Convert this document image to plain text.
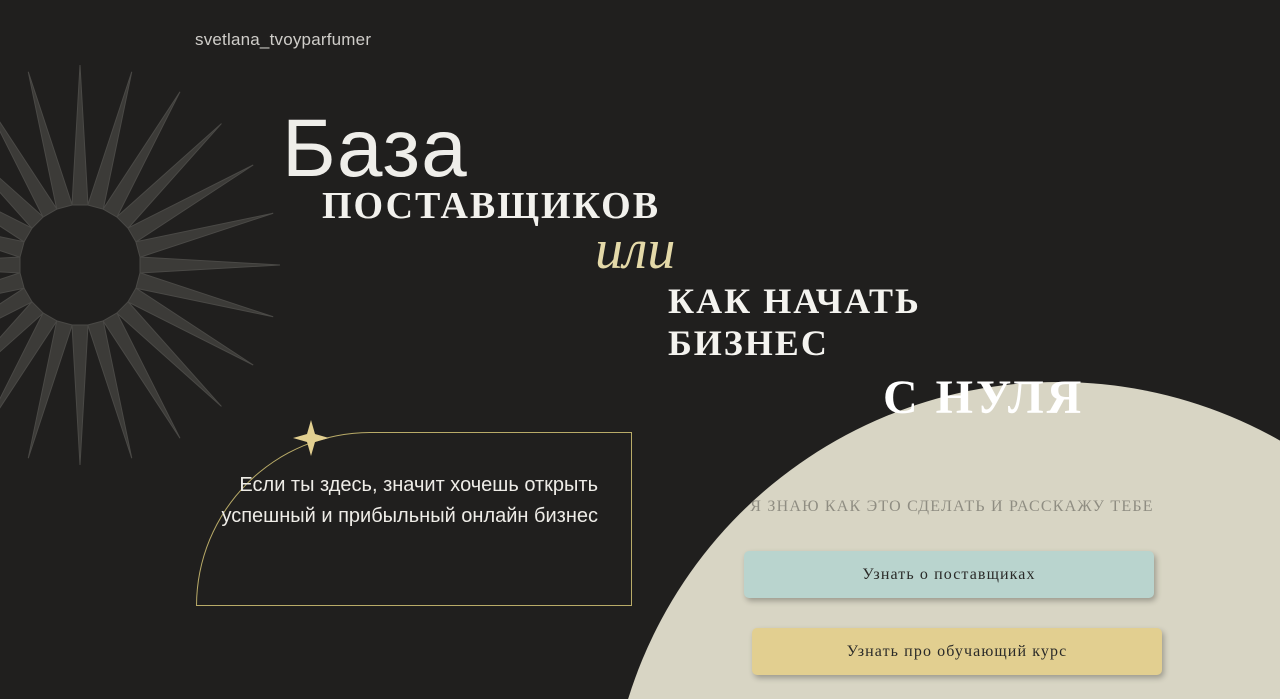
svetlana_tvoyparfumer
База
ПОСТАВЩИКОВ
или
КАК НАЧАТЬ БИЗНЕС
С НУЛЯ
Если ты здесь, значит хочешь открыть успешный и прибыльный онлайн бизнес	Я ЗНАЮ КАК ЭТО СДЕЛАТЬ И РАССКАЖУ ТЕБЕ
Узнать о поставщиках
Узнать про обучающий курс
